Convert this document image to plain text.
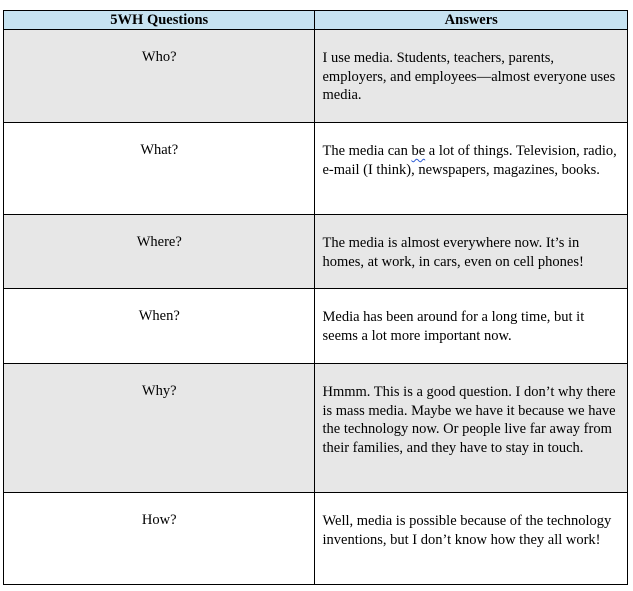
5WH Questions	Answers
Who?	I use media. Students, teachers, parents, employers, and employees—almost everyone uses media.
What?	The media can be a lot of things. Television, radio, e-mail (I think), newspapers, magazines, books.
Where?	The media is almost everywhere now. It’s in homes, at work, in cars, even on cell phones!
When?	Media has been around for a long time, but it seems a lot more important now.
Why?	Hmmm. This is a good question. I don’t why there is mass media. Maybe we have it because we have the technology now. Or people live far away from their families, and they have to stay in touch.
How?	Well, media is possible because of the technology inventions, but I don’t know how they all work!
